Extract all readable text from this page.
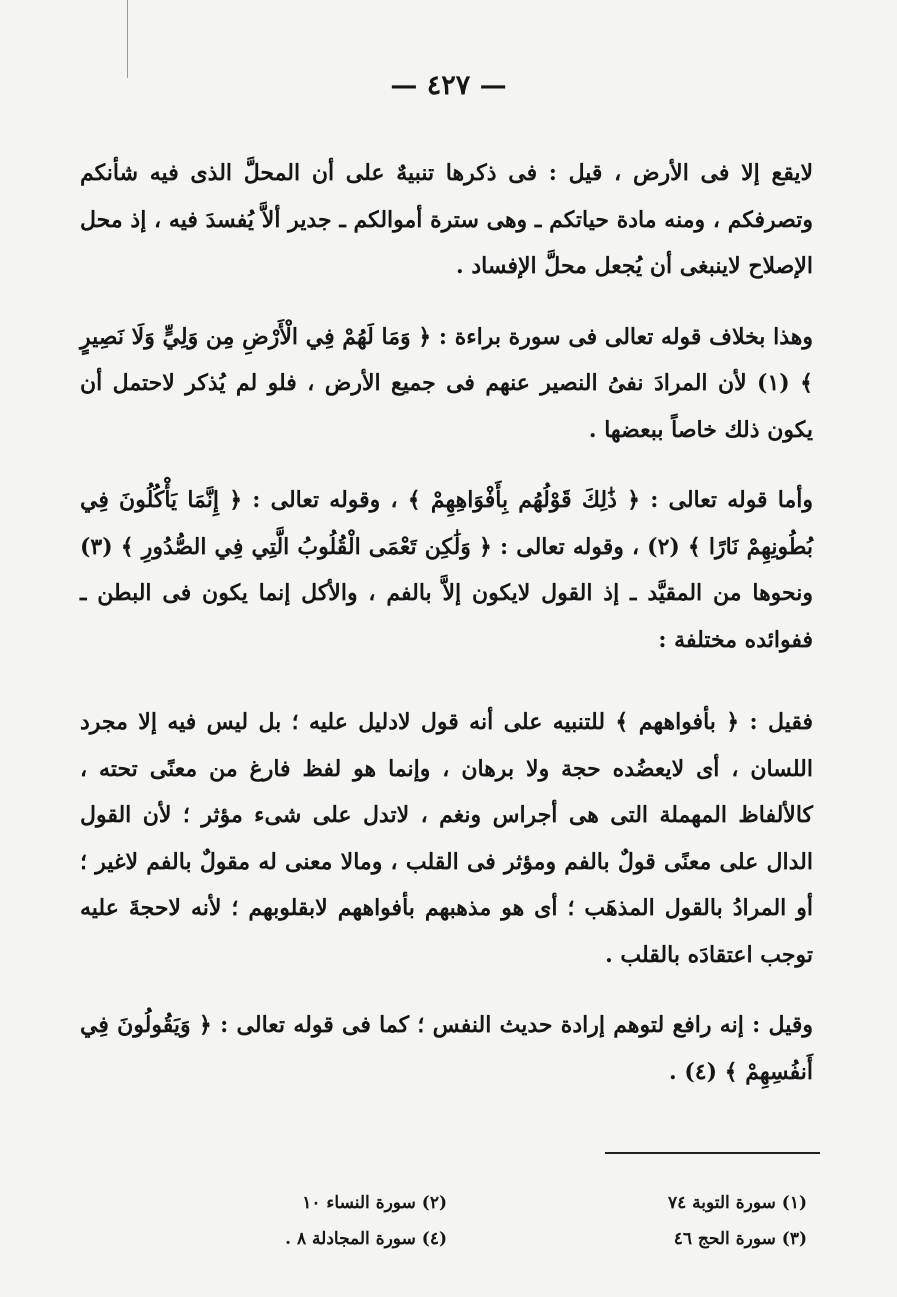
— ٤٢٧ —

لايقع إلا فى الأرض ، قيل : فى ذكرها تنبيهٌ على أن المحلَّ الذى فيه شأنكم وتصرفكم ، ومنه مادة حياتكم ـ وهى سترة أموالكم ـ جدير ألاَّ يُفسدَ فيه ، إذ محل الإصلاح لاينبغى أن يُجعل محلَّ الإفساد .

وهذا بخلاف قوله تعالى فى سورة براءة : ﴿ وَمَا لَهُمْ فِي الْأَرْضِ مِن وَلِيٍّ وَلَا نَصِيرٍ ﴾ (١) لأن المرادَ نفىُ النصير عنهم فى جميع الأرض ، فلو لم يُذكر لاحتمل أن يكون ذلك خاصاً ببعضها .

وأما قوله تعالى : ﴿ ذَٰلِكَ قَوْلُهُم بِأَفْوَاهِهِمْ ﴾ ، وقوله تعالى : ﴿ إِنَّمَا يَأْكُلُونَ فِي بُطُونِهِمْ نَارًا ﴾ (٢) ، وقوله تعالى : ﴿ وَلَٰكِن تَعْمَى الْقُلُوبُ الَّتِي فِي الصُّدُورِ ﴾ (٣) ونحوها من المقيَّد ـ إذ القول لايكون إلاَّ بالفم ، والأكل إنما يكون فى البطن ـ ففوائده مختلفة :

فقيل : ﴿ بأفواههم ﴾ للتنبيه على أنه قول لادليل عليه ؛ بل ليس فيه إلا مجرد اللسان ، أى لايعضُده حجة ولا برهان ، وإنما هو لفظ فارغ من معنًى تحته ، كالألفاظ المهملة التى هى أجراس ونغم ، لاتدل على شىء مؤثر ؛ لأن القول الدال على معنًى قولٌ بالفم ومؤثر فى القلب ، ومالا معنى له مقولٌ بالفم لاغير ؛ أو المرادُ بالقول المذهَب ؛ أى هو مذهبهم بأفواههم لابقلوبهم ؛ لأنه لاحجةَ عليه توجب اعتقادَه بالقلب .

وقيل : إنه رافع لتوهم إرادة حديث النفس ؛ كما فى قوله تعالى : ﴿ وَيَقُولُونَ فِي أَنفُسِهِمْ ﴾ (٤) .

(١) سورة التوبة ٧٤
(٣) سورة الحج ٤٦
(٢) سورة النساء ١٠
(٤) سورة المجادلة ٨ .
